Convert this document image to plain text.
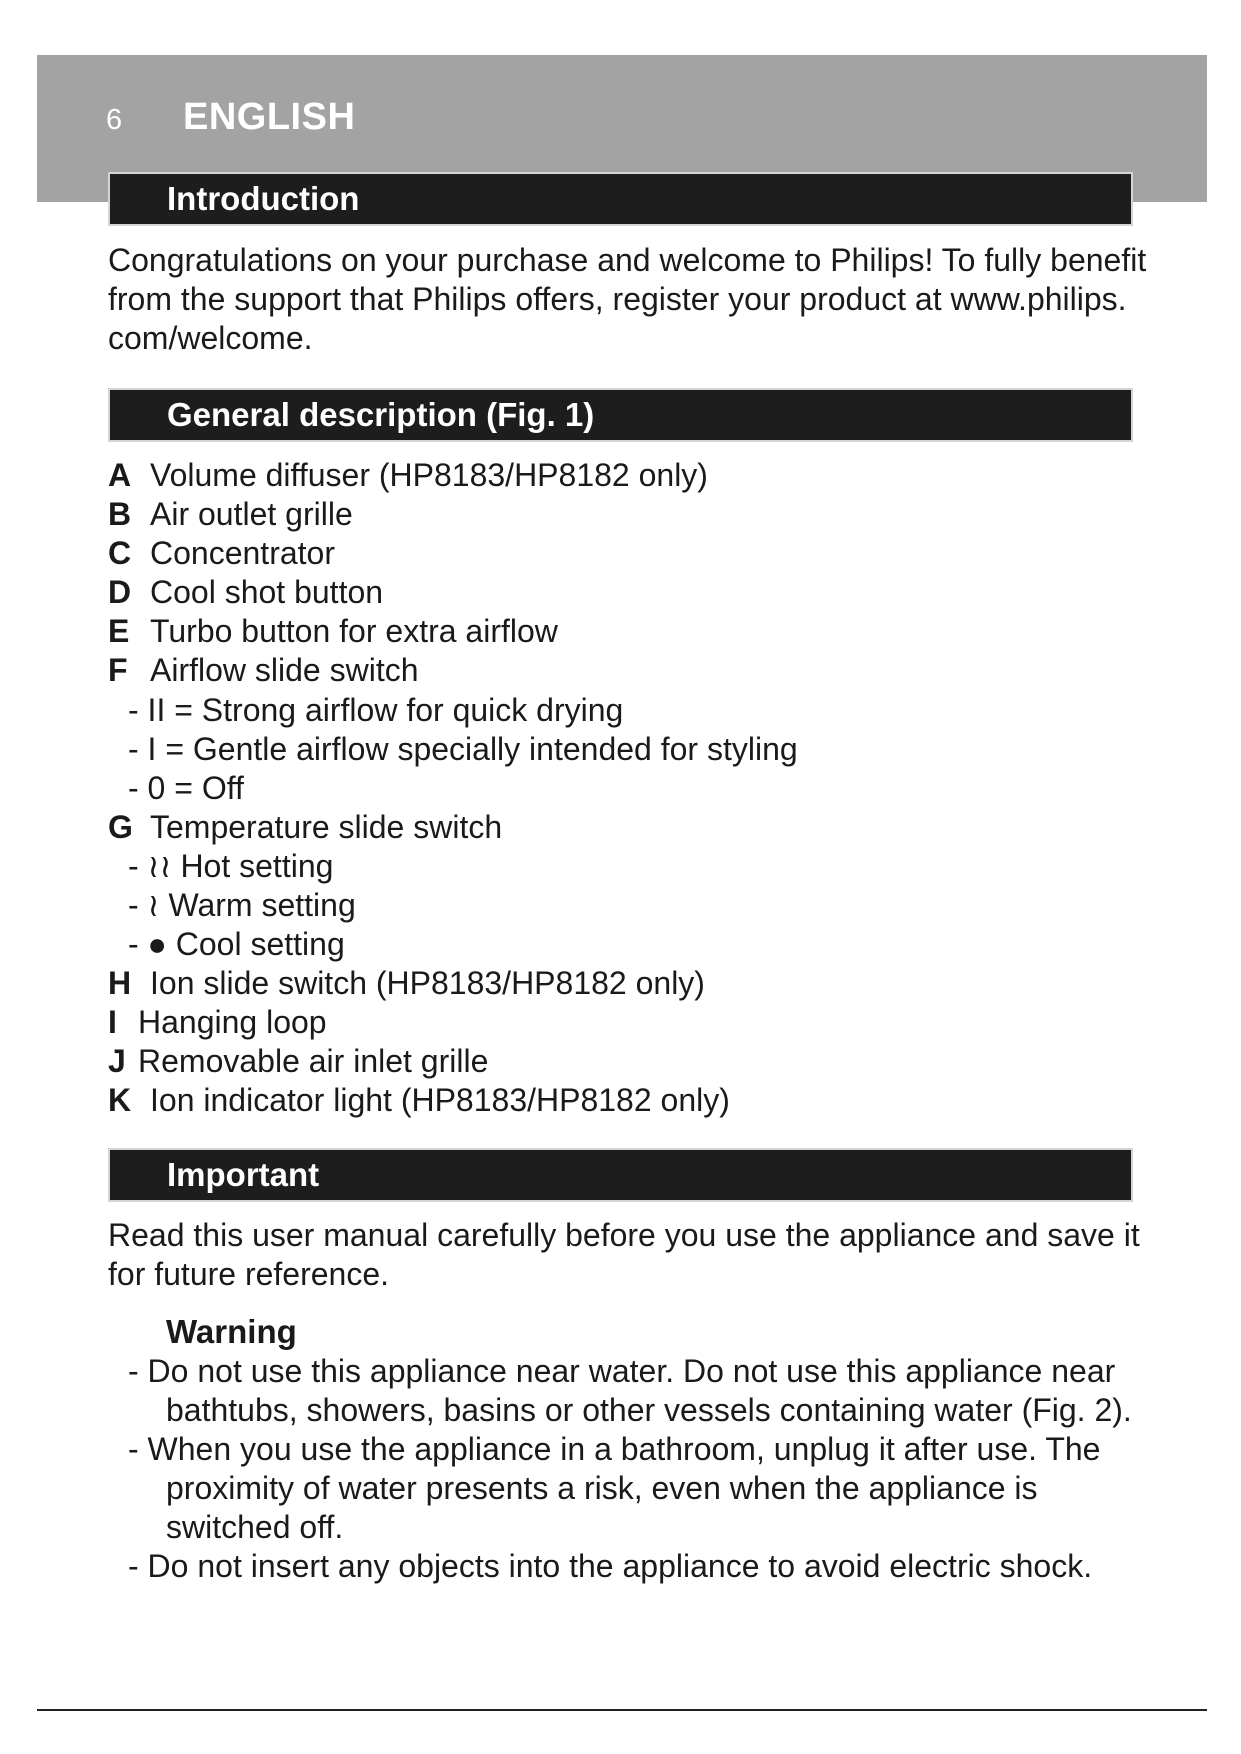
6 ENGLISH
Introduction
Congratulations on your purchase and welcome to Philips! To fully benefit
from the support that Philips offers, register your product at www.philips.
com/welcome.
General description (Fig. 1)
A Volume diffuser (HP8183/HP8182 only)
B Air outlet grille
C Concentrator
D Cool shot button
E Turbo button for extra airflow
F Airflow slide switch
- II = Strong airflow for quick drying
- I = Gentle airflow specially intended for styling
- 0 = Off
G Temperature slide switch
- ≀≀ Hot setting
- ≀ Warm setting
- ● Cool setting
H Ion slide switch (HP8183/HP8182 only)
I Hanging loop
J Removable air inlet grille
K Ion indicator light (HP8183/HP8182 only)
Important
Read this user manual carefully before you use the appliance and save it
for future reference.
Warning
- Do not use this appliance near water. Do not use this appliance near
bathtubs, showers, basins or other vessels containing water (Fig. 2).
- When you use the appliance in a bathroom, unplug it after use. The
proximity of water presents a risk, even when the appliance is
switched off.
- Do not insert any objects into the appliance to avoid electric shock.
